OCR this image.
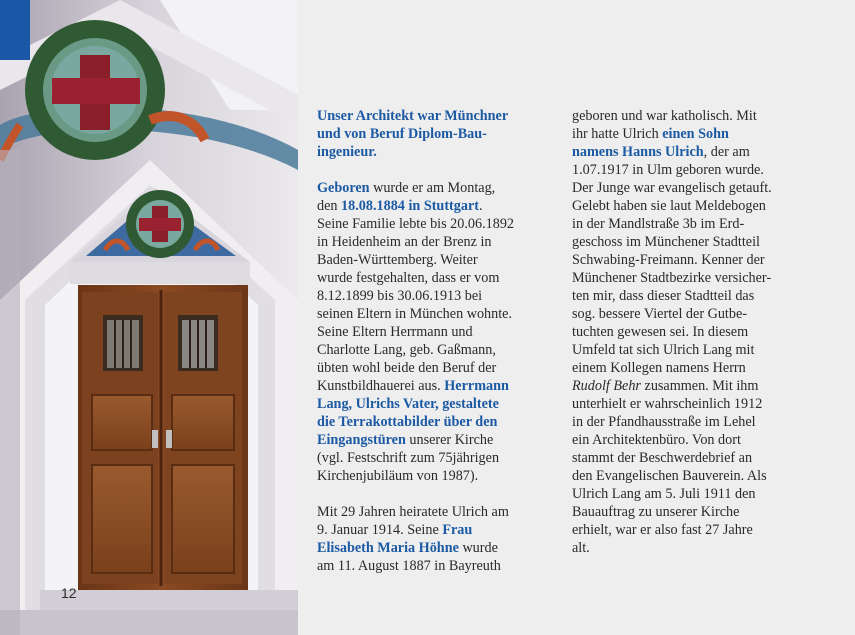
12
Unser Architekt war Münchner
und von Beruf Diplom-Bau-
ingenieur.
Geboren wurde er am Montag,
den 18.08.1884 in Stuttgart.
Seine Familie lebte bis 20.06.1892
in Heidenheim an der Brenz in
Baden-Württemberg. Weiter
wurde festgehalten, dass er vom
8.12.1899 bis 30.06.1913 bei
seinen Eltern in München wohnte.
Seine Eltern Herrmann und
Charlotte Lang, geb. Gaßmann,
übten wohl beide den Beruf der
Kunstbildhauerei aus. Herrmann
Lang, Ulrichs Vater, gestaltete
die Terrakottabilder über den
Eingangstüren unserer Kirche
(vgl. Festschrift zum 75jährigen
Kirchenjubiläum von 1987).
Mit 29 Jahren heiratete Ulrich am
9. Januar 1914. Seine Frau
Elisabeth Maria Höhne wurde
am 11. August 1887 in Bayreuth
geboren und war katholisch. Mit
ihr hatte Ulrich einen Sohn
namens Hanns Ulrich, der am
1.07.1917 in Ulm geboren wurde.
Der Junge war evangelisch getauft.
Gelebt haben sie laut Meldebogen
in der Mandlstraße 3b im Erd-
geschoss im Münchener Stadtteil
Schwabing-Freimann. Kenner der
Münchener Stadtbezirke versicher-
ten mir, dass dieser Stadtteil das
sog. bessere Viertel der Gutbe-
tuchten gewesen sei. In diesem
Umfeld tat sich Ulrich Lang mit
einem Kollegen namens Herrn
Rudolf Behr zusammen. Mit ihm
unterhielt er wahrscheinlich 1912
in der Pfandhausstraße im Lehel
ein Architektenbüro. Von dort
stammt der Beschwerdebrief an
den Evangelischen Bauverein. Als
Ulrich Lang am 5. Juli 1911 den
Bauauftrag zu unserer Kirche
erhielt, war er also fast 27 Jahre
alt.
